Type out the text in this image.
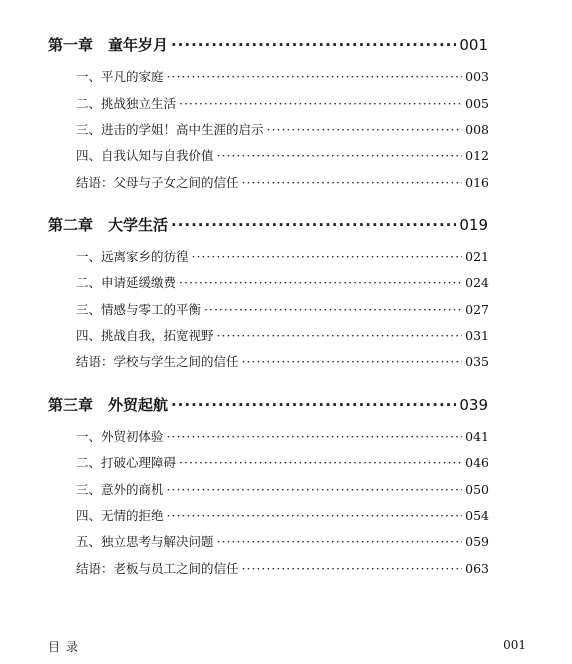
第一章　童年岁月 ·····	001
一、平凡的家庭 ·····	003
二、挑战独立生活 ·····	005
三、进击的学姐！高中生涯的启示 ·····	008
四、自我认知与自我价值 ·····	012
结语：父母与子女之间的信任 ·····	016
第二章　大学生活 ·····	019
一、远离家乡的彷徨 ·····	021
二、申请延缓缴费 ·····	024
三、情感与零工的平衡 ·····	027
四、挑战自我，拓宽视野 ·····	031
结语：学校与学生之间的信任 ·····	035
第三章　外贸起航 ·····	039
一、外贸初体验 ·····	041
二、打破心理障碍 ·····	046
三、意外的商机 ·····	050
四、无情的拒绝 ·····	054
五、独立思考与解决问题 ·····	059
结语：老板与员工之间的信任 ·····	063
目录	001
